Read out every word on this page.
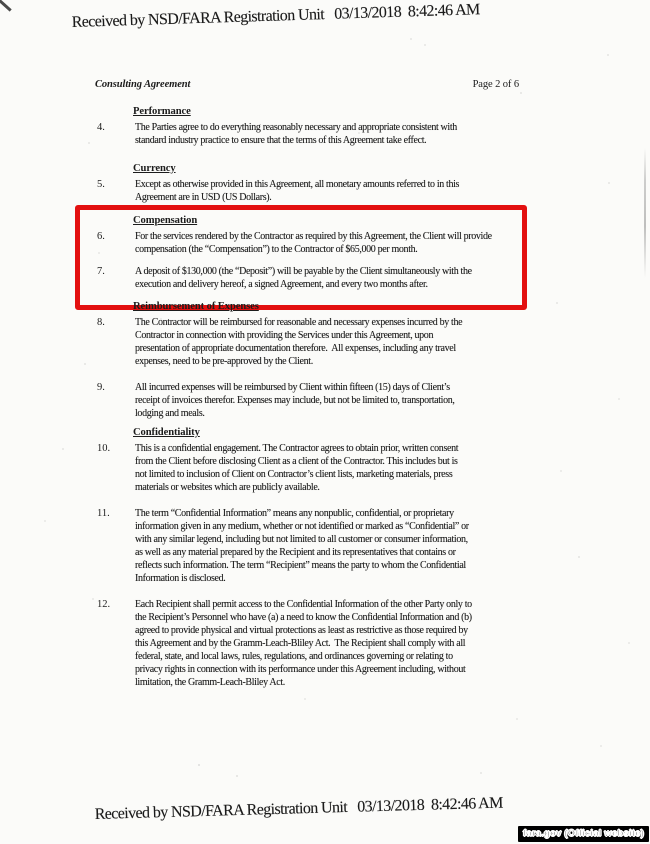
Received by NSD/FARA Registration Unit   03/13/2018  8:42:46 AM
Consulting Agreement	Page 2 of 6
Performance
4.	The Parties agree to do everything reasonably necessary and appropriate consistent with
standard industry practice to ensure that the terms of this Agreement take effect.
Currency
5.	Except as otherwise provided in this Agreement, all monetary amounts referred to in this
Agreement are in USD (US Dollars).
Compensation
6.	For the services rendered by the Contractor as required by this Agreement, the Client will provide
compensation (the “Compensation”) to the Contractor of $65,000 per month.
7.	A deposit of $130,000 (the “Deposit”) will be payable by the Client simultaneously with the
execution and delivery hereof, a signed Agreement, and every two months after.
Reimbursement of Expenses
8.	The Contractor will be reimbursed for reasonable and necessary expenses incurred by the
Contractor in connection with providing the Services under this Agreement, upon
presentation of appropriate documentation therefore.  All expenses, including any travel
expenses, need to be pre-approved by the Client.
9.	All incurred expenses will be reimbursed by Client within fifteen (15) days of Client’s
receipt of invoices therefor. Expenses may include, but not be limited to, transportation,
lodging and meals.
Confidentiality
10.	This is a confidential engagement. The Contractor agrees to obtain prior, written consent
from the Client before disclosing Client as a client of the Contractor. This includes but is
not limited to inclusion of Client on Contractor’s client lists, marketing materials, press
materials or websites which are publicly available.
11.	The term “Confidential Information” means any nonpublic, confidential, or proprietary
information given in any medium, whether or not identified or marked as “Confidential” or
with any similar legend, including but not limited to all customer or consumer information,
as well as any material prepared by the Recipient and its representatives that contains or
reflects such information. The term “Recipient” means the party to whom the Confidential
Information is disclosed.
12.	Each Recipient shall permit access to the Confidential Information of the other Party only to
the Recipient’s Personnel who have (a) a need to know the Confidential Information and (b)
agreed to provide physical and virtual protections as least as restrictive as those required by
this Agreement and by the Gramm-Leach-Bliley Act.  The Recipient shall comply with all
federal, state, and local laws, rules, regulations, and ordinances governing or relating to
privacy rights in connection with its performance under this Agreement including, without
limitation, the Gramm-Leach-Bliley Act.
Received by NSD/FARA Registration Unit   03/13/2018  8:42:46 AM
fara.gov (Official website)
